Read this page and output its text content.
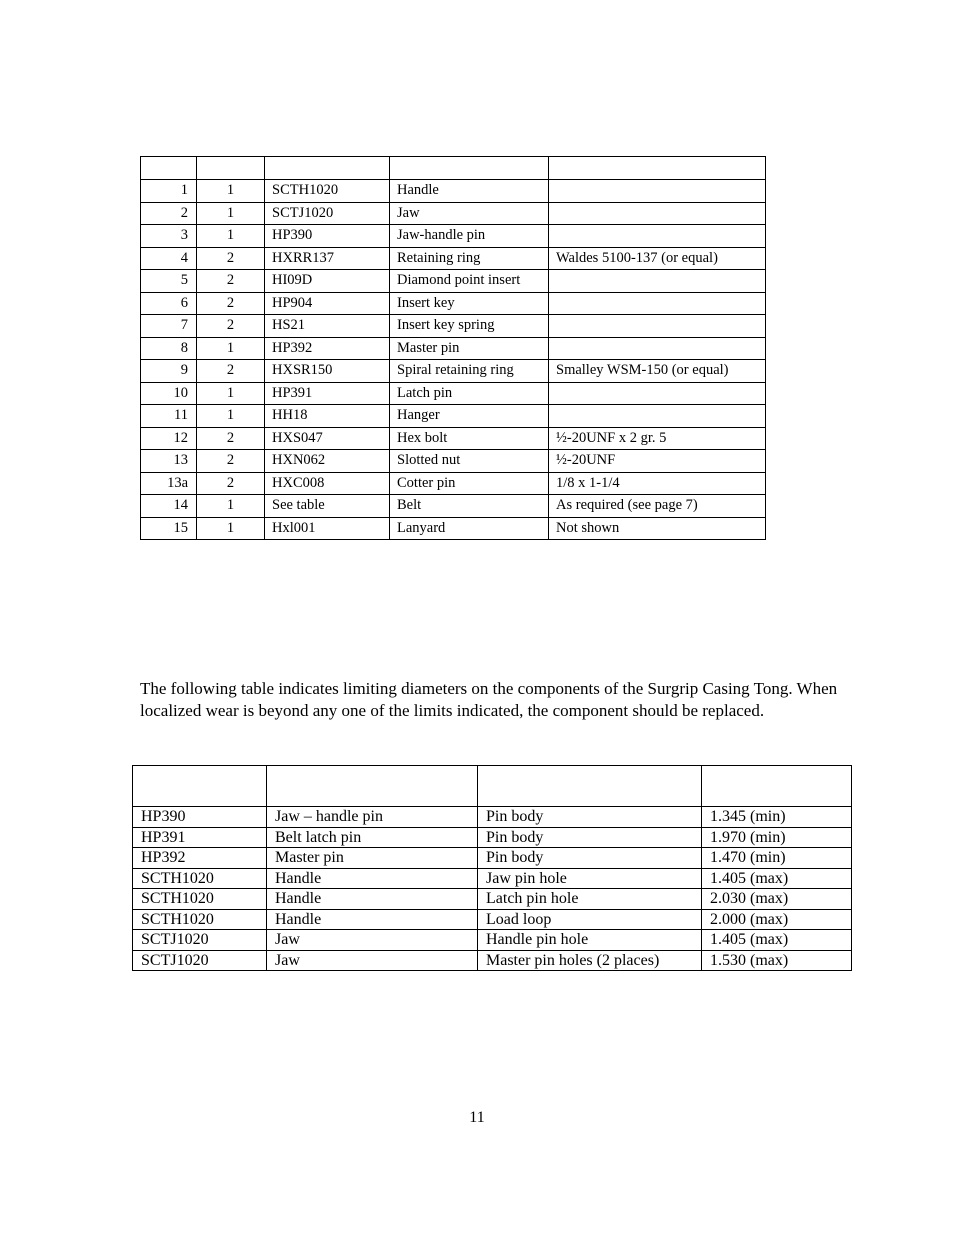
1	1	SCTH1020	Handle	
2	1	SCTJ1020	Jaw	
3	1	HP390	Jaw-handle pin	
4	2	HXRR137	Retaining ring	Waldes 5100-137 (or equal)
5	2	HI09D	Diamond point insert	
6	2	HP904	Insert key	
7	2	HS21	Insert key spring	
8	1	HP392	Master pin	
9	2	HXSR150	Spiral retaining ring	Smalley WSM-150 (or equal)
10	1	HP391	Latch pin	
11	1	HH18	Hanger	
12	2	HXS047	Hex bolt	½-20UNF x 2 gr. 5
13	2	HXN062	Slotted nut	½-20UNF
13a	2	HXC008	Cotter pin	1/8 x 1-1/4
14	1	See table	Belt	As required (see page 7)
15	1	Hxl001	Lanyard	Not shown

The following table indicates limiting diameters on the components of the Surgrip Casing Tong. When localized wear is beyond any one of the limits indicated, the component should be replaced.

HP390	Jaw – handle pin	Pin body	1.345 (min)
HP391	Belt latch pin	Pin body	1.970 (min)
HP392	Master pin	Pin body	1.470 (min)
SCTH1020	Handle	Jaw pin hole	1.405 (max)
SCTH1020	Handle	Latch pin hole	2.030 (max)
SCTH1020	Handle	Load loop	2.000 (max)
SCTJ1020	Jaw	Handle pin hole	1.405 (max)
SCTJ1020	Jaw	Master pin holes (2 places)	1.530 (max)
11
